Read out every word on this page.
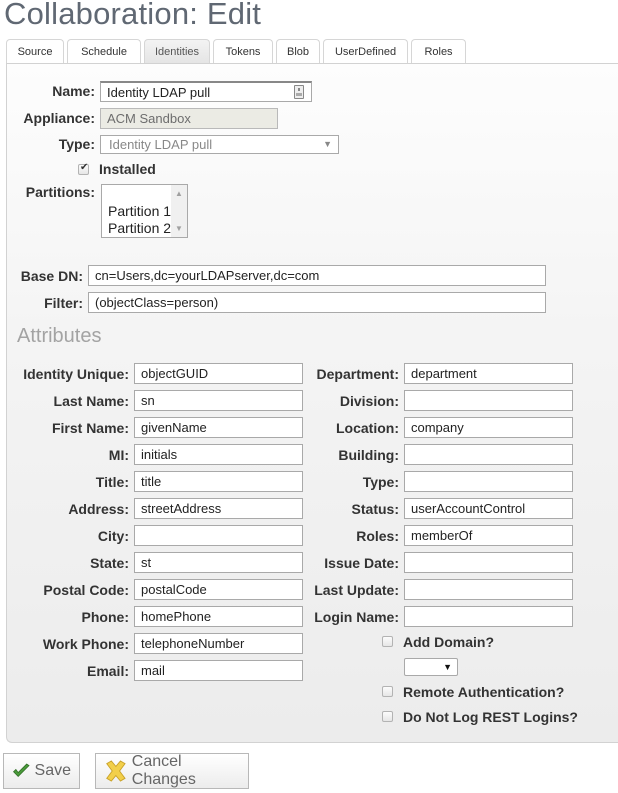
Collaboration: Edit
Source	Schedule	Identities	Tokens	Blob	UserDefined	Roles
Name: Identity LDAP pull
Appliance: ACM Sandbox
Type:	Identity LDAP pull	▼
✔
Installed
Partitions:
Partition 1
Partition 2
▲
▼
Base DN: cn=Users,dc=yourLDAPserver,dc=com
Filter: (objectClass=person)
Attributes
Identity Unique: objectGUID
Last Name: sn
First Name: givenName
MI: initials
Title: title
Address: streetAddress
City:
State: st
Postal Code: postalCode
Phone: homePhone
Work Phone: telephoneNumber
Email: mail
Department: department
Division:
Location: company
Building:
Type:
Status: userAccountControl
Roles: memberOf
Issue Date:
Last Update:
Login Name:
Add Domain?
▼
Remote Authentication?
Do Not Log REST Logins?
Save
Cancel Changes
